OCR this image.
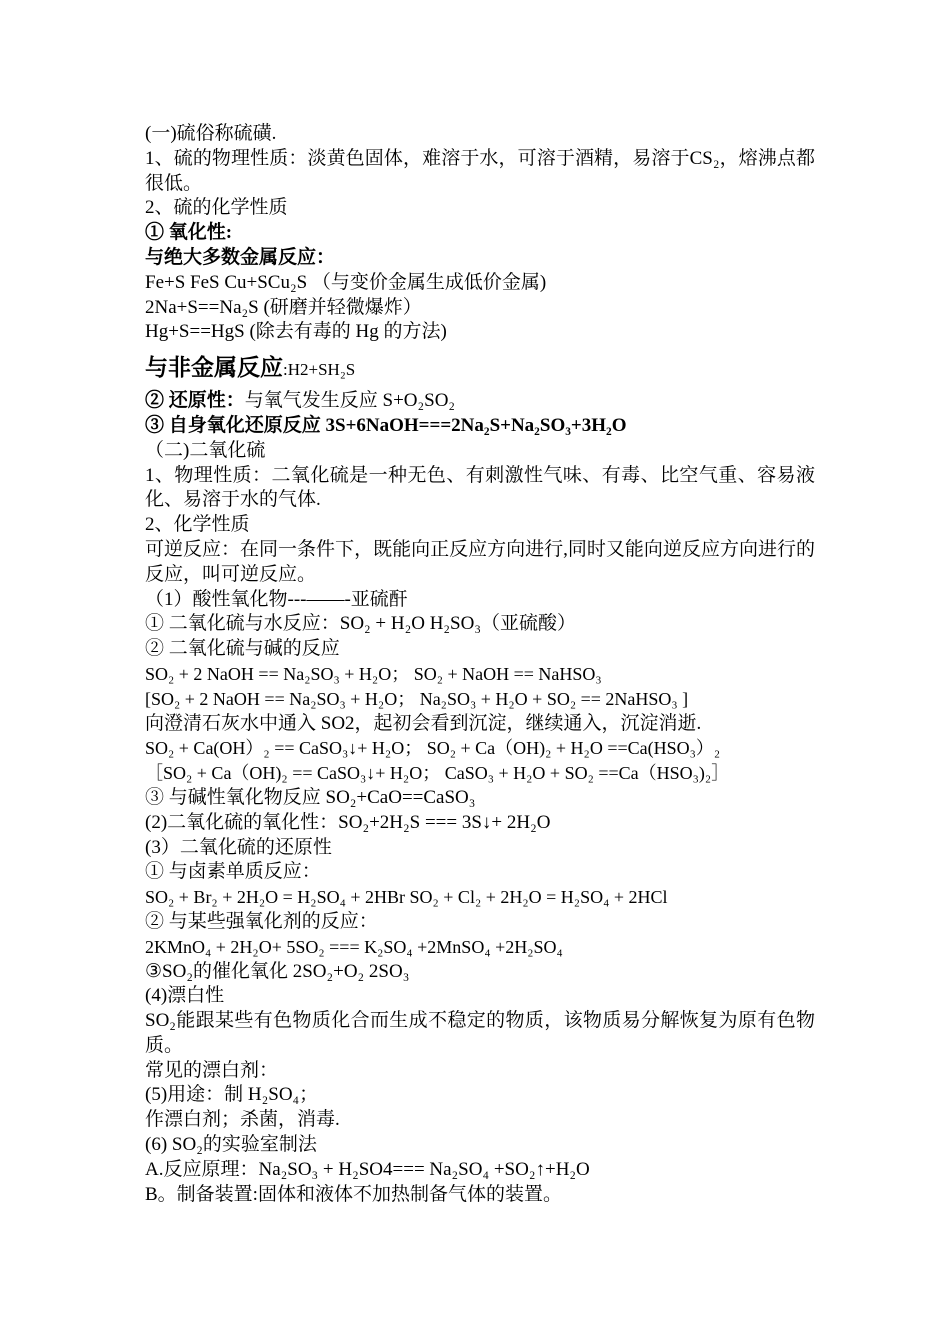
(一)硫俗称硫磺.
1、硫的物理性质：淡黄色固体，难溶于水，可溶于酒精，易溶于CS₂，熔沸点都很低。
2、硫的化学性质
① 氧化性:
与绝大多数金属反应：
Fe+S FeS Cu+SCu₂S （与变价金属生成低价金属)
2Na+S==Na₂S (研磨并轻微爆炸）
Hg+S==HgS (除去有毒的 Hg 的方法)
与非金属反应:H2+SH₂S
② 还原性：与氧气发生反应 S+O₂SO₂
③ 自身氧化还原反应 3S+6NaOH===2Na₂S+Na₂SO₃+3H₂O
（二)二氧化硫
1、物理性质：二氧化硫是一种无色、有刺激性气味、有毒、比空气重、容易液化、易溶于水的气体.
2、化学性质
可逆反应：在同一条件下，既能向正反应方向进行,同时又能向逆反应方向进行的反应，叫可逆反应。
（1）酸性氧化物---——-亚硫酐
① 二氧化硫与水反应：SO₂ + H₂O H₂SO₃（亚硫酸）
② 二氧化硫与碱的反应
SO₂ + 2 NaOH == Na₂SO₃ + H₂O； SO₂ + NaOH == NaHSO₃
[SO₂ + 2 NaOH == Na₂SO₃ + H₂O； Na₂SO₃ + H₂O + SO₂ == 2NaHSO₃ ]
向澄清石灰水中通入 SO2，起初会看到沉淀，继续通入，沉淀消逝.
SO₂ + Ca(OH）₂ == CaSO₃↓+ H₂O； SO₂ + Ca（OH)₂ + H₂O ==Ca(HSO₃）₂
［SO₂ + Ca（OH)₂ == CaSO₃↓+ H₂O； CaSO₃ + H₂O + SO₂ ==Ca（HSO₃)₂］
③ 与碱性氧化物反应 SO₂+CaO==CaSO₃
(2)二氧化硫的氧化性：SO₂+2H₂S === 3S↓+ 2H₂O
(3）二氧化硫的还原性
① 与卤素单质反应：
SO₂ + Br₂ + 2H₂O = H₂SO₄ + 2HBr SO₂ + Cl₂ + 2H₂O = H₂SO₄ + 2HCl
② 与某些强氧化剂的反应：
2KMnO₄ + 2H₂O+ 5SO₂ === K₂SO₄ +2MnSO₄ +2H₂SO₄
③SO₂的催化氧化 2SO₂+O₂ 2SO₃
(4)漂白性
SO₂能跟某些有色物质化合而生成不稳定的物质，该物质易分解恢复为原有色物质。
常见的漂白剂：
(5)用途：制 H₂SO₄；
作漂白剂；杀菌，消毒.
(6) SO₂的实验室制法
A.反应原理：Na₂SO₃ + H₂SO4=== Na₂SO₄ +SO₂↑+H₂O
B。制备装置:固体和液体不加热制备气体的装置。
